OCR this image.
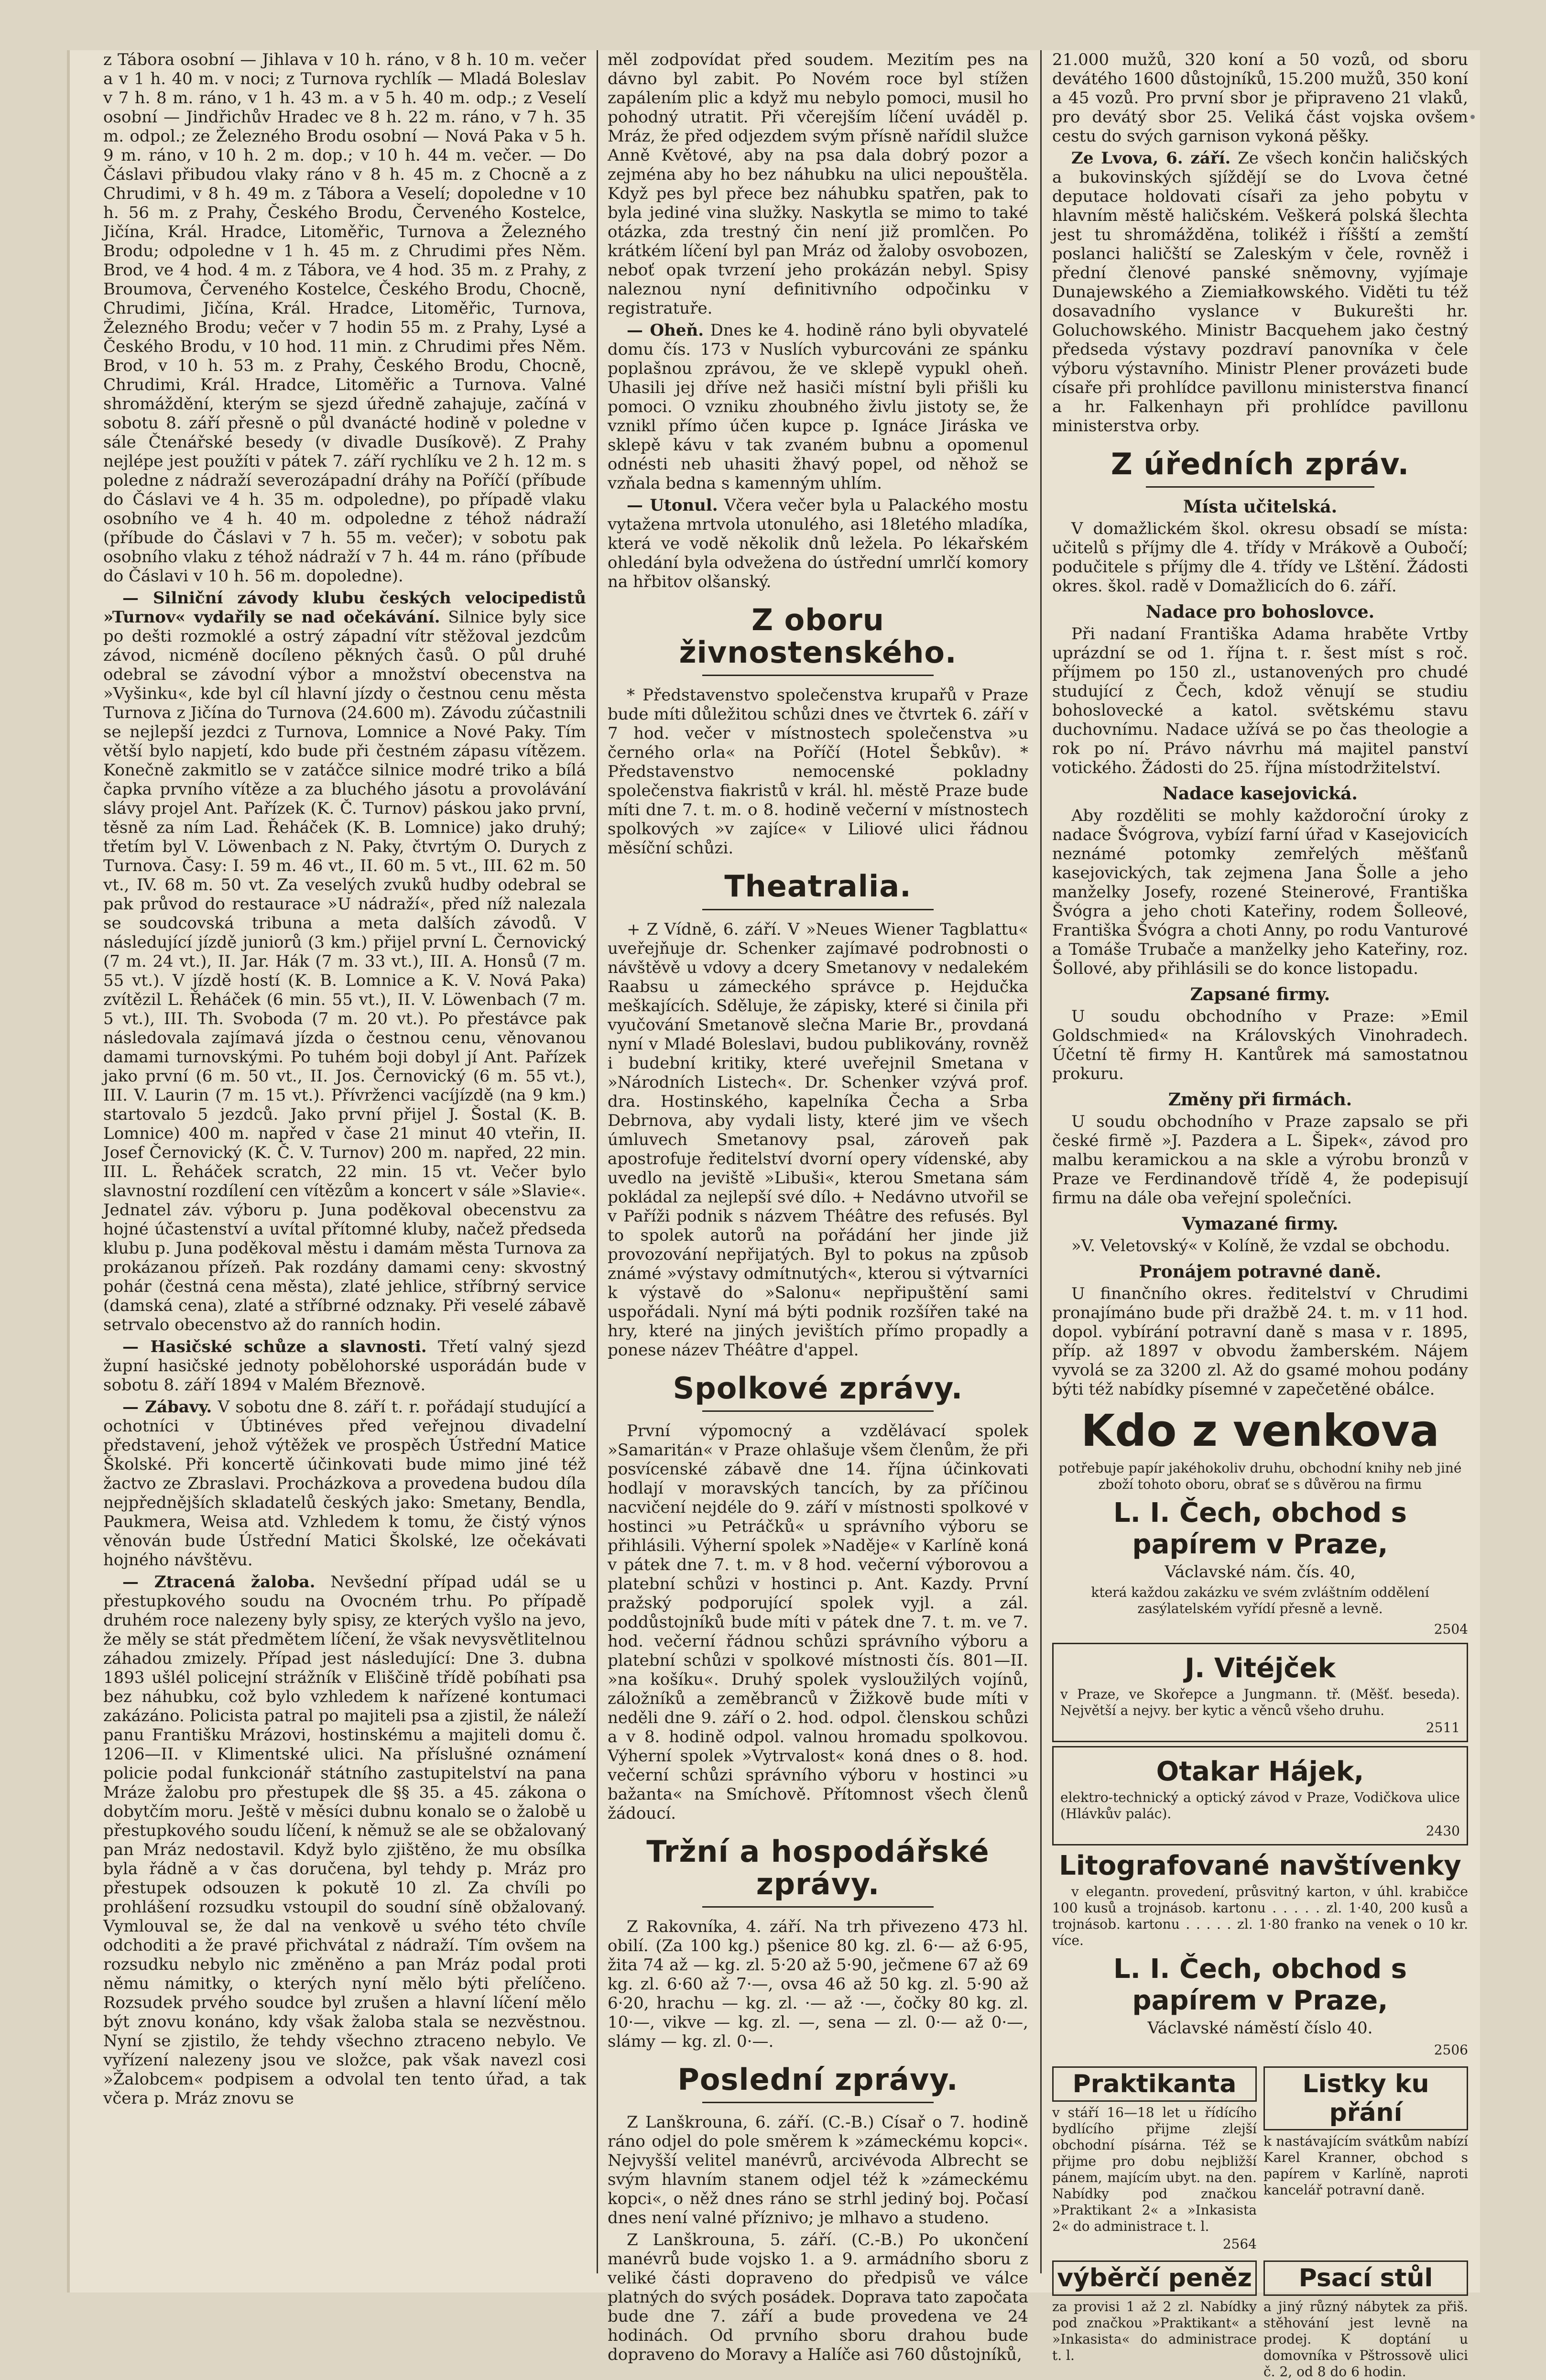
z Tábora osobní — Jihlava v 10 h. ráno, v 8 h. 10 m. večer a v 1 h. 40 m. v noci; z Turnova rychlík — Mladá Boleslav v 7 h. 8 m. ráno, v 1 h. 43 m. a v 5 h. 40 m. odp.; z Veselí osobní — Jindřichův Hradec ve 8 h. 22 m. ráno, v 7 h. 35 m. odpol.; ze Železného Brodu osobní — Nová Paka v 5 h. 9 m. ráno, v 10 h. 2 m. dop.; v 10 h. 44 m. večer. — Do Čáslavi přibudou vlaky ráno v 8 h. 45 m. z Chocně a z Chrudimi, v 8 h. 49 m. z Tábora a Veselí; dopoledne v 10 h. 56 m. z Prahy, Českého Brodu, Červeného Kostelce, Jičína, Král. Hradce, Litoměřic, Turnova a Železného Brodu; odpoledne v 1 h. 45 m. z Chrudimi přes Něm. Brod, ve 4 hod. 4 m. z Tábora, ve 4 hod. 35 m. z Prahy, z Broumova, Červeného Kostelce, Českého Brodu, Chocně, Chrudimi, Jičína, Král. Hradce, Litoměřic, Turnova, Železného Brodu; večer v 7 hodin 55 m. z Prahy, Lysé a Českého Brodu, v 10 hod. 11 min. z Chrudimi přes Něm. Brod, v 10 h. 53 m. z Prahy, Českého Brodu, Chocně, Chrudimi, Král. Hradce, Litoměřic a Turnova. Valné shromáždění, kterým se sjezd úředně zahajuje, začíná v sobotu 8. září přesně o půl dvanácté hodině v poledne v sále Čtenářské besedy (v divadle Dusíkově). Z Prahy nejlépe jest použíti v pátek 7. září rychlíku ve 2 h. 12 m. s poledne z nádraží severozápadní dráhy na Poříčí (příbude do Čáslavi ve 4 h. 35 m. odpoledne), po případě vlaku osobního ve 4 h. 40 m. odpoledne z téhož nádraží (příbude do Čáslavi v 7 h. 55 m. večer); v sobotu pak osobního vlaku z téhož nádraží v 7 h. 44 m. ráno (příbude do Čáslavi v 10 h. 56 m. dopoledne).

— Silniční závody klubu českých velocipedistů »Turnov« vydařily se nad očekávání. Silnice byly sice po dešti rozmoklé a ostrý západní vítr stěžoval jezdcům závod, nicméně docíleno pěkných časů. O půl druhé odebral se závodní výbor a množství obecenstva na »Vyšinku«, kde byl cíl hlavní jízdy o čestnou cenu města Turnova z Jičína do Turnova (24.600 m). Závodu zúčastnili se nejlepší jezdci z Turnova, Lomnice a Nové Paky. Tím větší bylo napjetí, kdo bude při čestném zápasu vítězem. Konečně zakmitlo se v zatáčce silnice modré triko a bílá čapka prvního vítěze a za bluchého jásotu a provolávání slávy projel Ant. Pařízek (K. Č. Turnov) páskou jako první, těsně za ním Lad. Řeháček (K. B. Lomnice) jako druhý; třetím byl V. Löwenbach z N. Paky, čtvrtým O. Durych z Turnova. Časy: I. 59 m. 46 vt., II. 60 m. 5 vt., III. 62 m. 50 vt., IV. 68 m. 50 vt. Za veselých zvuků hudby odebral se pak průvod do restaurace »U nádraží«, před níž nalezala se soudcovská tribuna a meta dalších závodů. V následující jízdě juniorů (3 km.) přijel první L. Černovický (7 m. 24 vt.), II. Jar. Hák (7 m. 33 vt.), III. A. Honsů (7 m. 55 vt.). V jízdě hostí (K. B. Lomnice a K. V. Nová Paka) zvítězil L. Řeháček (6 min. 55 vt.), II. V. Löwenbach (7 m. 5 vt.), III. Th. Svoboda (7 m. 20 vt.). Po přestávce pak následovala zajímavá jízda o čestnou cenu, věnovanou damami turnovskými. Po tuhém boji dobyl jí Ant. Pařízek jako první (6 m. 50 vt., II. Jos. Černovický (6 m. 55 vt.), III. V. Laurin (7 m. 15 vt.). Přívrženci vacíjízdě (na 9 km.) startovalo 5 jezdců. Jako první přijel J. Šostal (K. B. Lomnice) 400 m. napřed v čase 21 minut 40 vteřin, II. Josef Černovický (K. Č. V. Turnov) 200 m. napřed, 22 min. III. L. Řeháček scratch, 22 min. 15 vt. Večer bylo slavnostní rozdílení cen vítězům a koncert v sále »Slavie«. Jednatel záv. výboru p. Juna poděkoval obecenstvu za hojné účastenství a uvítal přítomné kluby, načež předseda klubu p. Juna poděkoval městu i damám města Turnova za prokázanou přízeň. Pak rozdány damami ceny: skvostný pohár (čestná cena města), zlaté jehlice, stříbrný service (damská cena), zlaté a stříbrné odznaky. Při veselé zábavě setrvalo obecenstvo až do ranních hodin.

— Hasičské schůze a slavnosti. Třetí valný sjezd župní hasičské jednoty pobělohorské usporádán bude v sobotu 8. září 1894 v Malém Březnově.

— Zábavy. V sobotu dne 8. září t. r. pořádají studující a ochotníci v Úbtinéves před veřejnou divadelní představení, jehož výtěžek ve prospěch Ústřední Matice Školské. Při koncertě účinkovati bude mimo jiné též žactvo ze Zbraslavi. Procházkova a provedena budou díla nejpřednějších skladatelů českých jako: Smetany, Bendla, Paukmera, Weisa atd. Vzhledem k tomu, že čistý výnos věnován bude Ústřední Matici Školské, lze očekávati hojného návštěvu.

— Ztracená žaloba. Nevšední případ udál se u přestupkového soudu na Ovocném trhu. Po případě druhém roce nalezeny byly spisy, ze kterých vyšlo na jevo, že měly se stát předmětem líčení, že však nevysvětlitelnou záhadou zmizely. Případ jest následující: Dne 3. dubna 1893 ušlél policejní strážník v Eliščině třídě pobíhati psa bez náhubku, což bylo vzhledem k nařízené kontumaci zakázáno. Policista patral po majiteli psa a zjistil, že náleží panu Františku Mrázovi, hostinskému a majiteli domu č. 1206—II. v Klimentské ulici. Na příslušné oznámení policie podal funkcionář státního zastupitelství na pana Mráze žalobu pro přestupek dle §§ 35. a 45. zákona o dobytčím moru. Ještě v měsíci dubnu konalo se o žalobě u přestupkového soudu líčení, k němuž se ale se obžalovaný pan Mráz nedostavil. Když bylo zjištěno, že mu obsílka byla řádně a v čas doručena, byl tehdy p. Mráz pro přestupek odsouzen k pokutě 10 zl. Za chvíli po prohlášení rozsudku vstoupil do soudní síně obžalovaný. Vymlouval se, že dal na venkově u svého této chvíle odchoditi a že pravé přichvátal z nádraží. Tím ovšem na rozsudku nebylo nic změněno a pan Mráz podal proti němu námitky, o kterých nyní mělo býti přelíčeno. Rozsudek prvého soudce byl zrušen a hlavní líčení mělo být znovu konáno, kdy však žaloba stala se nezvěstnou. Nyní se zjistilo, že tehdy všechno ztraceno nebylo. Ve vyřízení nalezeny jsou ve složce, pak však navezl cosi »Žalobcem« podpisem a odvolal ten tento úřad, a tak včera p. Mráz znovu se

měl zodpovídat před soudem. Mezitím pes na dávno byl zabit. Po Novém roce byl stížen zapálením plic a když mu nebylo pomoci, musil ho pohodný utratit. Při včerejším líčení uváděl p. Mráz, že před odjezdem svým přísně nařídil služce Anně Květové, aby na psa dala dobrý pozor a zejména aby ho bez náhubku na ulici nepouštěla. Když pes byl přece bez náhubku spatřen, pak to byla jediné vina služky. Naskytla se mimo to také otázka, zda trestný čin není již promlčen. Po krátkém líčení byl pan Mráz od žaloby osvobozen, neboť opak tvrzení jeho prokázán nebyl. Spisy naleznou nyní definitivního odpočinku v registratuře.

— Oheň. Dnes ke 4. hodině ráno byli obyvatelé domu čís. 173 v Nuslích vyburcováni ze spánku poplašnou zprávou, že ve sklepě vypukl oheň. Uhasili jej dříve než hasiči místní byli přišli ku pomoci. O vzniku zhoubného živlu jistoty se, že vznikl přímo účen kupce p. Ignáce Jiráska ve sklepě kávu v tak zvaném bubnu a opomenul odnésti neb uhasiti žhavý popel, od něhož se vzňala bedna s kamenným uhlím.

— Utonul. Včera večer byla u Palackého mostu vytažena mrtvola utonulého, asi 18letého mladíka, která ve vodě několik dnů ležela. Po lékařském ohledání byla odvežena do ústřední umrlčí komory na hřbitov olšanský.

Z oboru živnostenského.

* Představenstvo společenstva krupařů v Praze bude míti důležitou schůzi dnes ve čtvrtek 6. září v 7 hod. večer v místnostech společenstva »u černého orla« na Poříčí (Hotel Šebkův). * Představenstvo nemocenské pokladny společenstva fiakristů v král. hl. městě Praze bude míti dne 7. t. m. o 8. hodině večerní v místnostech spolkových »v zajíce« v Liliové ulici řádnou měsíční schůzi.

Theatralia.

+ Z Vídně, 6. září. V »Neues Wiener Tagblattu« uveřejňuje dr. Schenker zajímavé podrobnosti o návštěvě u vdovy a dcery Smetanovy v nedalekém Raabsu u zámeckého správce p. Hejdučka meškajících. Sděluje, že zápisky, které si činila při vyučování Smetanově slečna Marie Br., provdaná nyní v Mladé Boleslavi, budou publikovány, rovněž i budební kritiky, které uveřejnil Smetana v »Národních Listech«. Dr. Schenker vzývá prof. dra. Hostinského, kapelníka Čecha a Srba Debrnova, aby vydali listy, které jim ve všech úmluvech Smetanovy psal, zároveň pak apostrofuje ředitelství dvorní opery vídenské, aby uvedlo na jeviště »Libuši«, kterou Smetana sám pokládal za nejlepší své dílo. + Nedávno utvořil se v Paříži podnik s názvem Théâtre des refusés. Byl to spolek autorů na pořádání her jinde již provozování nepřijatých. Byl to pokus na způsob známé »výstavy odmítnutých«, kterou si výtvarníci k výstavě do »Salonu« nepřipuštění sami uspořádali. Nyní má býti podnik rozšířen také na hry, které na jiných jevištích přímo propadly a ponese název Théâtre d'appel.

Spolkové zprávy.

První výpomocný a vzdělávací spolek »Samaritán« v Praze ohlašuje všem členům, že při posvícenské zábavě dne 14. října účinkovati hodlají v moravských tancích, by za příčinou nacvičení nejdéle do 9. září v místnosti spolkové v hostinci »u Petráčků« u správního výboru se přihlásili. Výherní spolek »Naděje« v Karlíně koná v pátek dne 7. t. m. v 8 hod. večerní výborovou a platební schůzi v hostinci p. Ant. Kazdy. První pražský podporující spolek vyjl. a zál. poddůstojníků bude míti v pátek dne 7. t. m. ve 7. hod. večerní řádnou schůzi správního výboru a platební schůzi v spolkové místnosti čís. 801—II. »na košíku«. Druhý spolek vysloužilých vojínů, záložníků a zeměbranců v Žižkově bude míti v neděli dne 9. září o 2. hod. odpol. členskou schůzi a v 8. hodině odpol. valnou hromadu spolkovou. Výherní spolek »Vytrvalost« koná dnes o 8. hod. večerní schůzi správního výboru v hostinci »u bažanta« na Smíchově. Přítomnost všech členů žádoucí.

Tržní a hospodářské zprávy.

Z Rakovníka, 4. září. Na trh přivezeno 473 hl. obilí. (Za 100 kg.) pšenice 80 kg. zl. 6·— až 6·95, žita 74 až — kg. zl. 5·20 až 5·90, ječmene 67 až 69 kg. zl. 6·60 až 7·—, ovsa 46 až 50 kg. zl. 5·90 až 6·20, hrachu — kg. zl. ·— až ·—, čočky 80 kg. zl. 10·—, vikve — kg. zl. —, sena — zl. 0·— až 0·—, slámy — kg. zl. 0·—.

Poslední zprávy.

Z Lanškrouna, 6. září. (C.-B.) Císař o 7. hodině ráno odjel do pole směrem k »zámeckému kopci«. Nejvyšší velitel manévrů, arcivévoda Albrecht se svým hlavním stanem odjel též k »zámeckému kopci«, o něž dnes ráno se strhl jediný boj. Počasí dnes není valné příznivo; je mlhavo a studeno.

Z Lanškrouna, 5. září. (C.-B.) Po ukončení manévrů bude vojsko 1. a 9. armádního sboru z veliké části dopraveno do předpisů ve válce platných do svých posádek. Doprava tato započata bude dne 7. září a bude provedena ve 24 hodinách. Od prvního sboru drahou bude dopraveno do Moravy a Halíče asi 760 důstojníků,

21.000 mužů, 320 koní a 50 vozů, od sboru devátého 1600 důstojníků, 15.200 mužů, 350 koní a 45 vozů. Pro první sbor je připraveno 21 vlaků, pro devátý sbor 25. Veliká část vojska ovšem cestu do svých garnison vykoná pěšky.

Ze Lvova, 6. září. Ze všech končin haličských a bukovinských sjíždějí se do Lvova četné deputace holdovati císaři za jeho pobytu v hlavním městě haličském. Veškerá polská šlechta jest tu shromážděna, tolikéž i říšští a zemští poslanci haličští se Zaleským v čele, rovněž i přední členové panské sněmovny, vyjímaje Dunajewského a Ziemiałkowského. Viděti tu též dosavadního vyslance v Bukurešti hr. Goluchowského. Ministr Bacquehem jako čestný předseda výstavy pozdraví panovníka v čele výboru výstavního. Ministr Plener provázeti bude císaře při prohlídce pavillonu ministerstva financí a hr. Falkenhayn při prohlídce pavillonu ministerstva orby.

Z úředních zpráv.
Místa učitelská.

V domažlickém škol. okresu obsadí se místa: učitelů s příjmy dle 4. třídy v Mrákově a Oubočí; podučitele s příjmy dle 4. třídy ve Lštění. Žádosti okres. škol. radě v Domažlicích do 6. září.

Nadace pro bohoslovce.

Při nadaní Františka Adama hraběte Vrtby uprázdní se od 1. října t. r. šest míst s roč. příjmem po 150 zl., ustanovených pro chudé studující z Čech, kdož věnují se studiu bohoslovecké a katol. světskému stavu duchovnímu. Nadace užívá se po čas theologie a rok po ní. Právo návrhu má majitel panství votického. Žádosti do 25. října místodržitelství.

Nadace kasejovická.

Aby rozděliti se mohly každoroční úroky z nadace Švógrova, vybízí farní úřad v Kasejovicích neznámé potomky zemřelých měšťanů kasejovických, tak zejmena Jana Šolle a jeho manželky Josefy, rozené Steinerové, Františka Švógra a jeho choti Kateřiny, rodem Šolleové, Františka Švógra a choti Anny, po rodu Vanturové a Tomáše Trubače a manželky jeho Kateřiny, roz. Šollové, aby přihlásili se do konce listopadu.

Zapsané firmy.

U soudu obchodního v Praze: »Emil Goldschmied« na Královských Vinohradech. Účetní tě firmy H. Kantůrek má samostatnou prokuru.

Změny při firmách.

U soudu obchodního v Praze zapsalo se při české firmě »J. Pazdera a L. Šipek«, závod pro malbu keramickou a na skle a výrobu bronzů v Praze ve Ferdinandově třídě 4, že podepisují firmu na dále oba veřejní společníci.

Vymazané firmy.

»V. Veletovský« v Kolíně, že vzdal se obchodu.

Pronájem potravné daně.

U finančního okres. ředitelství v Chrudimi pronajímáno bude při dražbě 24. t. m. v 11 hod. dopol. vybírání potravní daně s masa v r. 1895, příp. až 1897 v obvodu žamberském. Nájem vyvolá se za 3200 zl. Až do gsamé mohou podány býti též nabídky písemné v zapečetěné obálce.

Kdo z venkova

potřebuje papír jakéhokoliv druhu, obchodní knihy neb jiné zboží tohoto oboru, obrať se s důvěrou na firmu

L. I. Čech, obchod s papírem v Praze,

Václavské nám. čís. 40,

která každou zakázku ve svém zvláštním oddělení zasýlatelském vyřídí přesně a levně.

2504
J. Vitéjček
v Praze, ve Skořepce a Jungmann. tř. (Měšť. beseda). Největší a nejvy. ber kytic a věnců všeho druhu.
2511
Otakar Hájek,
elektro-technický a optický závod v Praze, Vodičkova ulice (Hlávkův palác).
2430
Litografované navštívenky

v elegantn. provedení, průsvitný karton, v úhl. krabičce 100 kusů a trojnásob. kartonu . . . . . zl. 1·40, 200 kusů a trojnásob. kartonu . . . . . zl. 1·80 franko na venek o 10 kr. více.

L. I. Čech, obchod s papírem v Praze,

Václavské náměstí číslo 40.

2506
Praktikanta
v stáří 16—18 let u řídícího bydlícího přijme zlejší obchodní písárna. Též se přijme pro dobu nejbližší pánem, majícím ubyt. na den. Nabídky pod značkou »Praktikant 2« a »Inkasista 2« do administrace t. l.
2564
Listky ku přání
k nastávajícím svátkům nabízí Karel Kranner, obchod s papírem v Karlíně, naproti kancelář potravní daně.
výběrčí peněz
za provisi 1 až 2 zl. Nabídky pod značkou »Praktikant« a »Inkasista« do administrace t. l.
Psací stůl
a jiný různý nábytek za přiš. stěhování jest levně na prodej. K doptání u domovníka v Pštrossově ulici č. 2, od 8 do 6 hodin.
